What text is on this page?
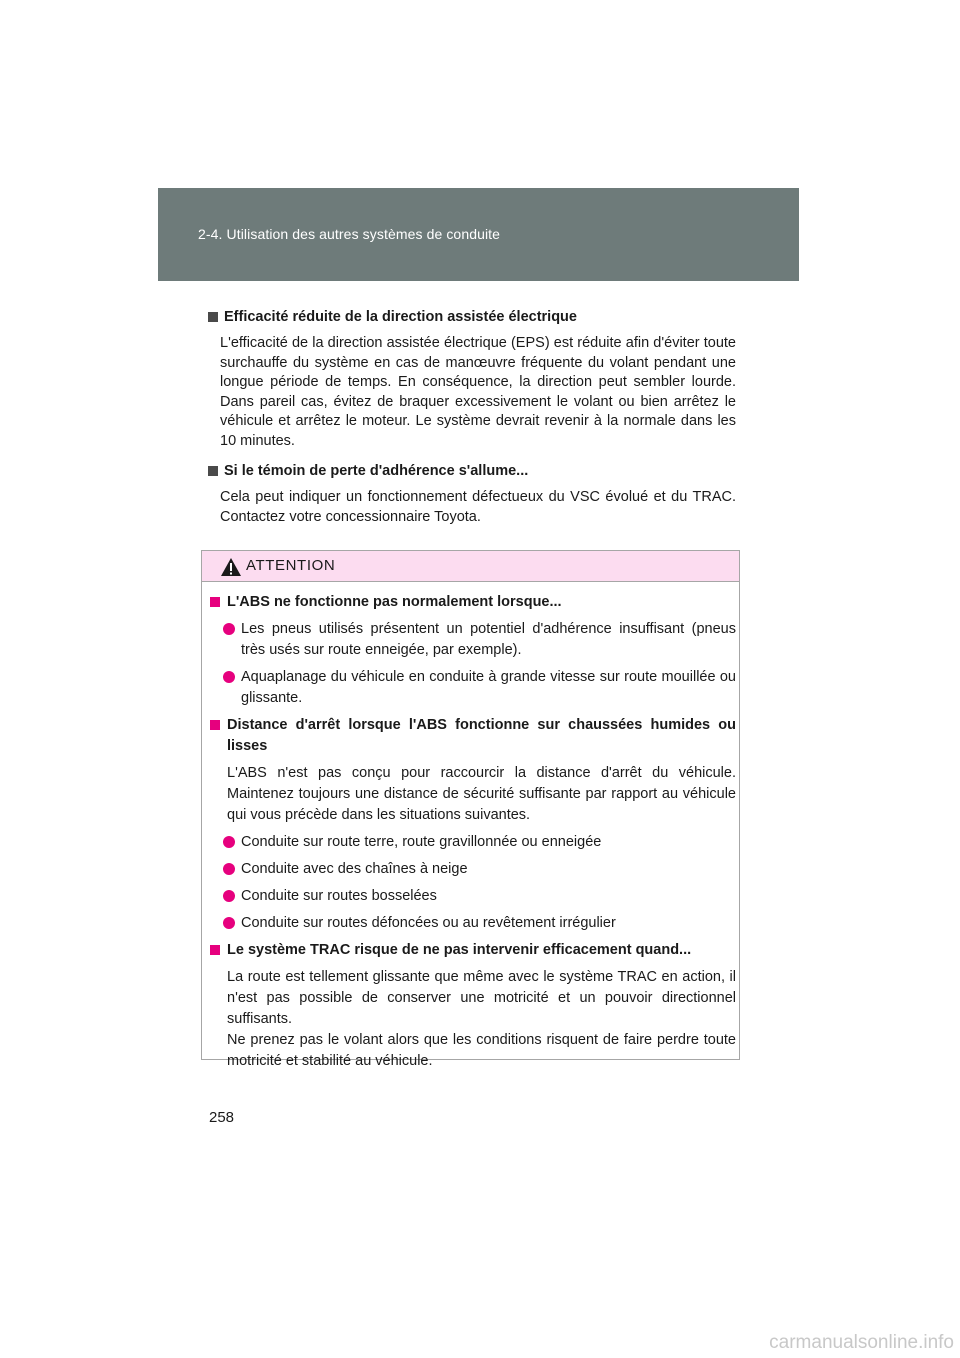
2-4. Utilisation des autres systèmes de conduite
Efficacité réduite de la direction assistée électrique
L'efficacité de la direction assistée électrique (EPS) est réduite afin d'éviter toute surchauffe du système en cas de manœuvre fréquente du volant pendant une longue période de temps. En conséquence, la direction peut sembler lourde. Dans pareil cas, évitez de braquer excessivement le volant ou bien arrêtez le véhicule et arrêtez le moteur. Le système devrait revenir à la normale dans les 10 minutes.
Si le témoin de perte d'adhérence s'allume...
Cela peut indiquer un fonctionnement défectueux du VSC évolué et du TRAC. Contactez votre concessionnaire Toyota.
ATTENTION
L'ABS ne fonctionne pas normalement lorsque...
Les pneus utilisés présentent un potentiel d'adhérence insuffisant (pneus très usés sur route enneigée, par exemple).
Aquaplanage du véhicule en conduite à grande vitesse sur route mouillée ou glissante.
Distance d'arrêt lorsque l'ABS fonctionne sur chaussées humides ou lisses
L'ABS n'est pas conçu pour raccourcir la distance d'arrêt du véhicule. Maintenez toujours une distance de sécurité suffisante par rapport au véhicule qui vous précède dans les situations suivantes.
Conduite sur route terre, route gravillonnée ou enneigée
Conduite avec des chaînes à neige
Conduite sur routes bosselées
Conduite sur routes défoncées ou au revêtement irrégulier
Le système TRAC risque de ne pas intervenir efficacement quand...
La route est tellement glissante que même avec le système TRAC en action, il n'est pas possible de conserver une motricité et un pouvoir directionnel suffisants.
Ne prenez pas le volant alors que les conditions risquent de faire perdre toute motricité et stabilité au véhicule.
258
carmanualsonline.info
